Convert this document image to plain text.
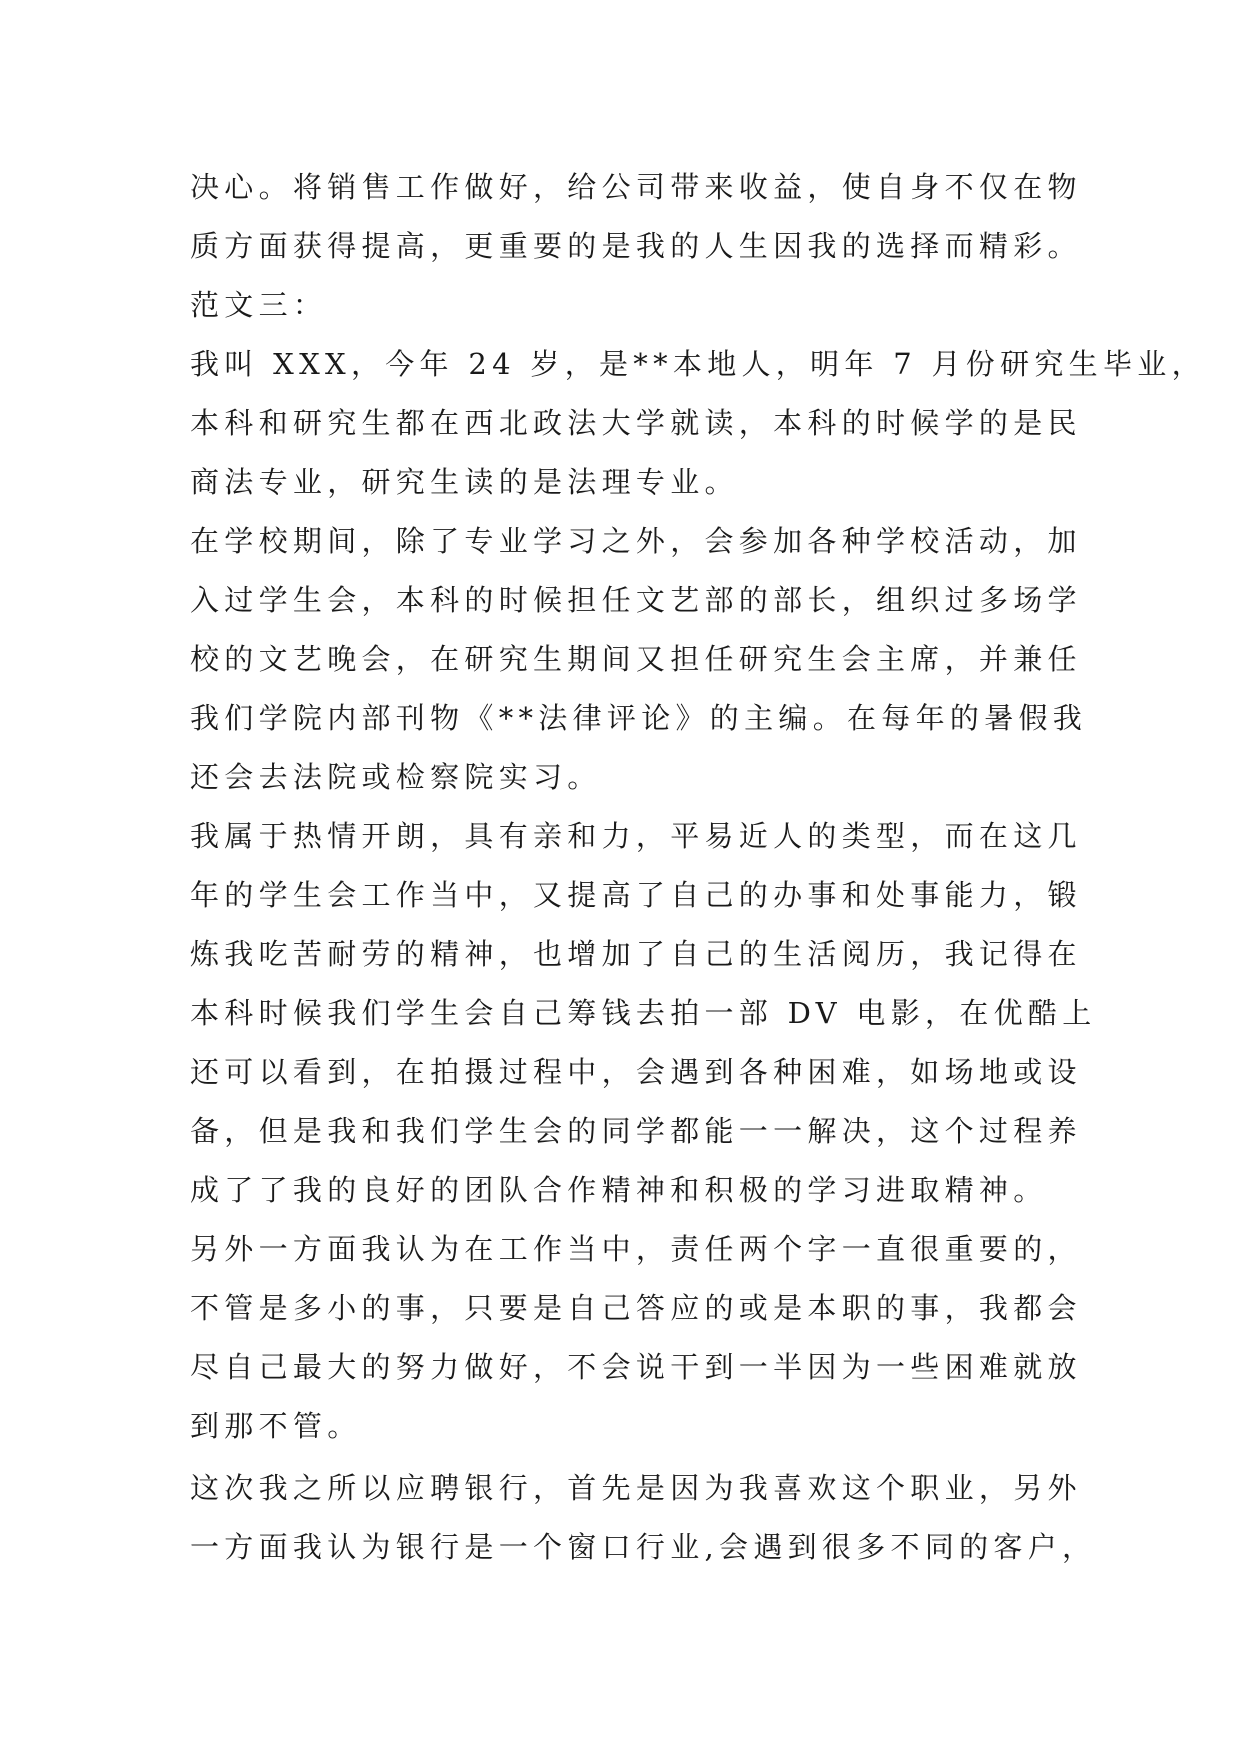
决心。将销售工作做好，给公司带来收益，使自身不仅在物
质方面获得提高，更重要的是我的人生因我的选择而精彩。
范文三：
我叫 XXX，今年 24 岁，是**本地人，明年 7 月份研究生毕业，
本科和研究生都在西北政法大学就读，本科的时候学的是民
商法专业，研究生读的是法理专业。
在学校期间，除了专业学习之外，会参加各种学校活动，加
入过学生会，本科的时候担任文艺部的部长，组织过多场学
校的文艺晚会，在研究生期间又担任研究生会主席，并兼任
我们学院内部刊物《**法律评论》的主编。在每年的暑假我
还会去法院或检察院实习。
我属于热情开朗，具有亲和力，平易近人的类型，而在这几
年的学生会工作当中，又提高了自己的办事和处事能力，锻
炼我吃苦耐劳的精神，也增加了自己的生活阅历，我记得在
本科时候我们学生会自己筹钱去拍一部 DV 电影，在优酷上
还可以看到，在拍摄过程中，会遇到各种困难，如场地或设
备，但是我和我们学生会的同学都能一一解决，这个过程养
成了了我的良好的团队合作精神和积极的学习进取精神。
另外一方面我认为在工作当中，责任两个字一直很重要的，
不管是多小的事，只要是自己答应的或是本职的事，我都会
尽自己最大的努力做好，不会说干到一半因为一些困难就放
到那不管。
这次我之所以应聘银行，首先是因为我喜欢这个职业，另外
一方面我认为银行是一个窗口行业,会遇到很多不同的客户，
